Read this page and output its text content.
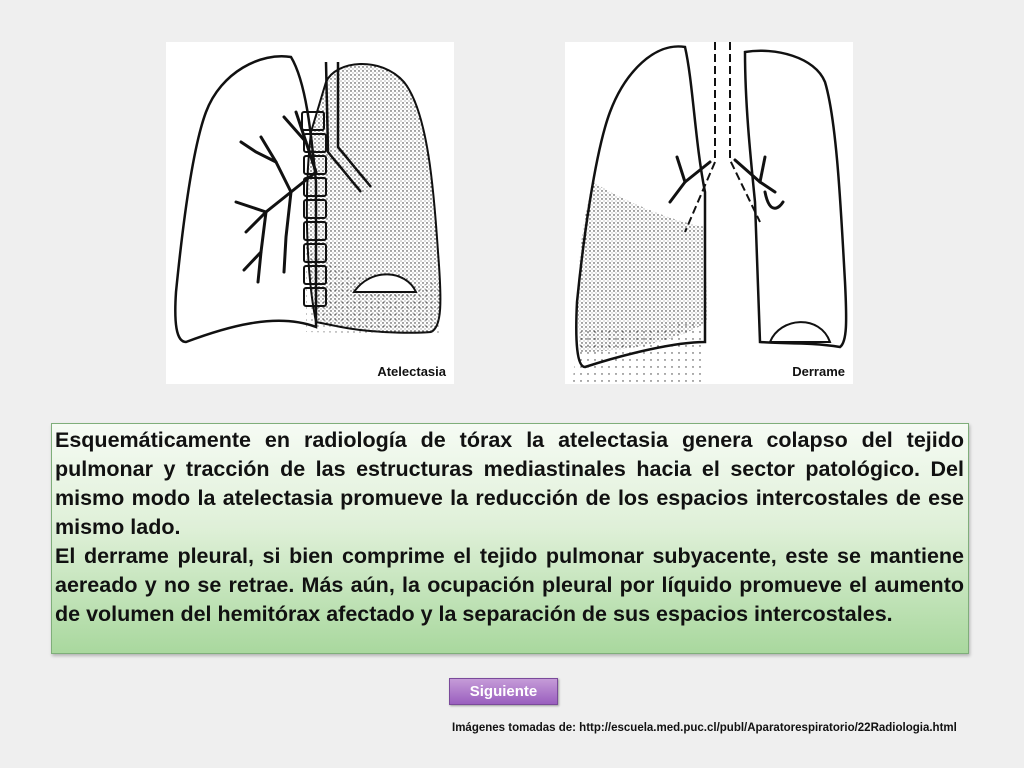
Atelectasia	Derrame

Esquemáticamente en radiología de tórax la atelectasia genera colapso del tejido pulmonar y tracción de las estructuras mediastinales hacia el sector patológico. Del mismo modo la atelectasia promueve la reducción de los espacios intercostales de ese mismo lado.

El derrame pleural, si bien comprime el tejido pulmonar subyacente, este se mantiene aereado y no se retrae. Más aún, la ocupación pleural por líquido promueve el aumento de volumen del hemitórax afectado y la separación de sus espacios intercostales.

Siguiente
Imágenes tomadas de: http://escuela.med.puc.cl/publ/Aparatorespiratorio/22Radiologia.html
